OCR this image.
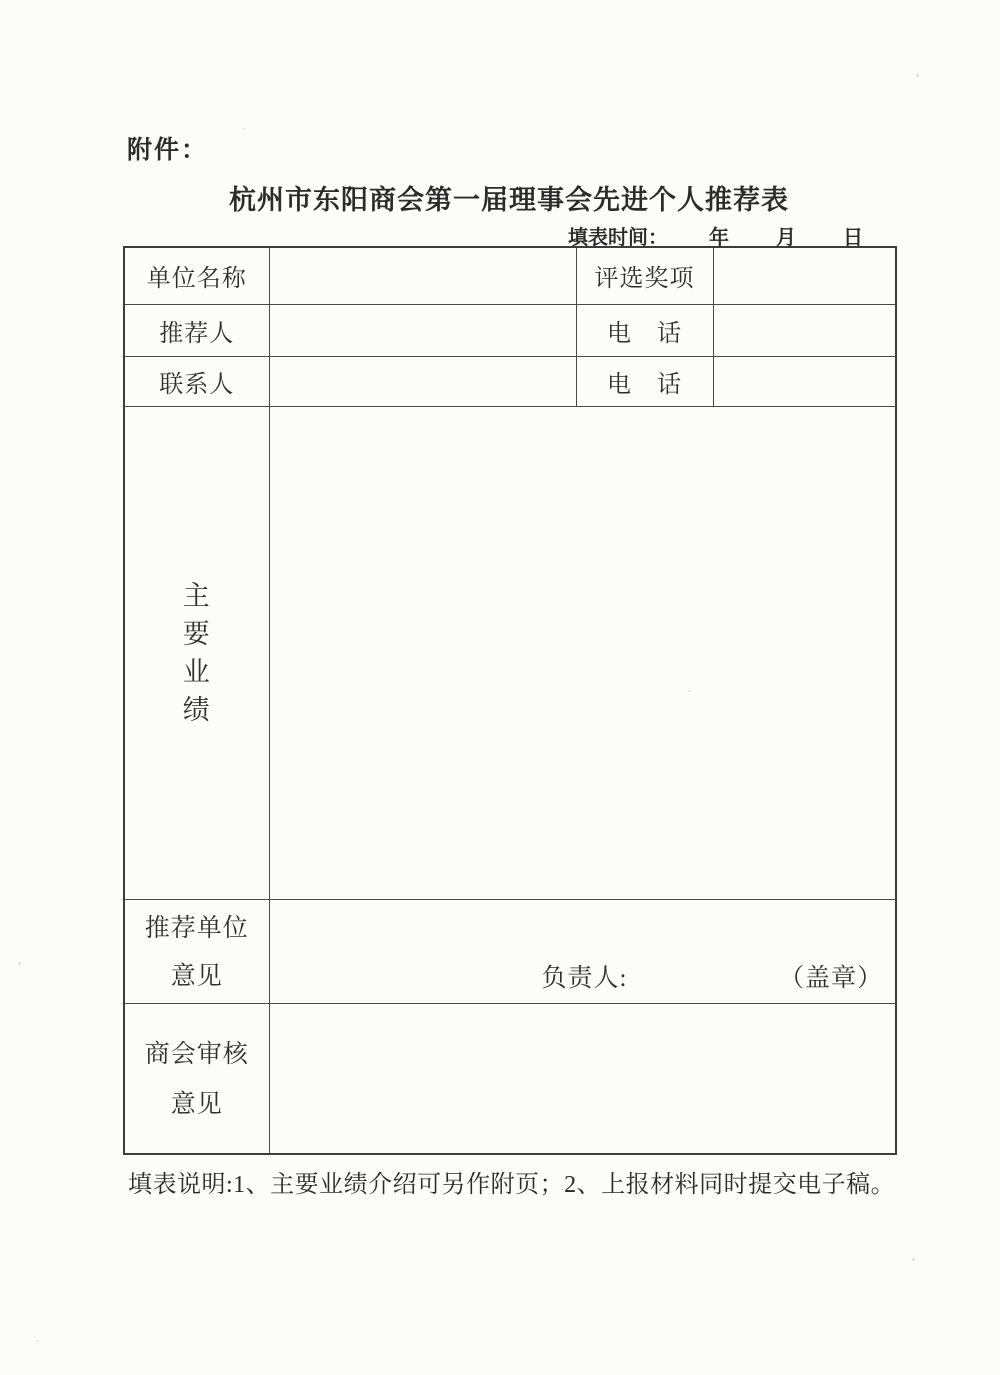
附件：
杭州市东阳商会第一届理事会先进个人推荐表
填表时间： 年 月 日
单位名称		评选奖项	
推荐人		电　话	
联系人		电　话	

主
要
业
绩			

推荐单位
意见	负责人: （盖章）		

商会审核
意见			

填表说明:1、主要业绩介绍可另作附页；2、上报材料同时提交电子稿。
